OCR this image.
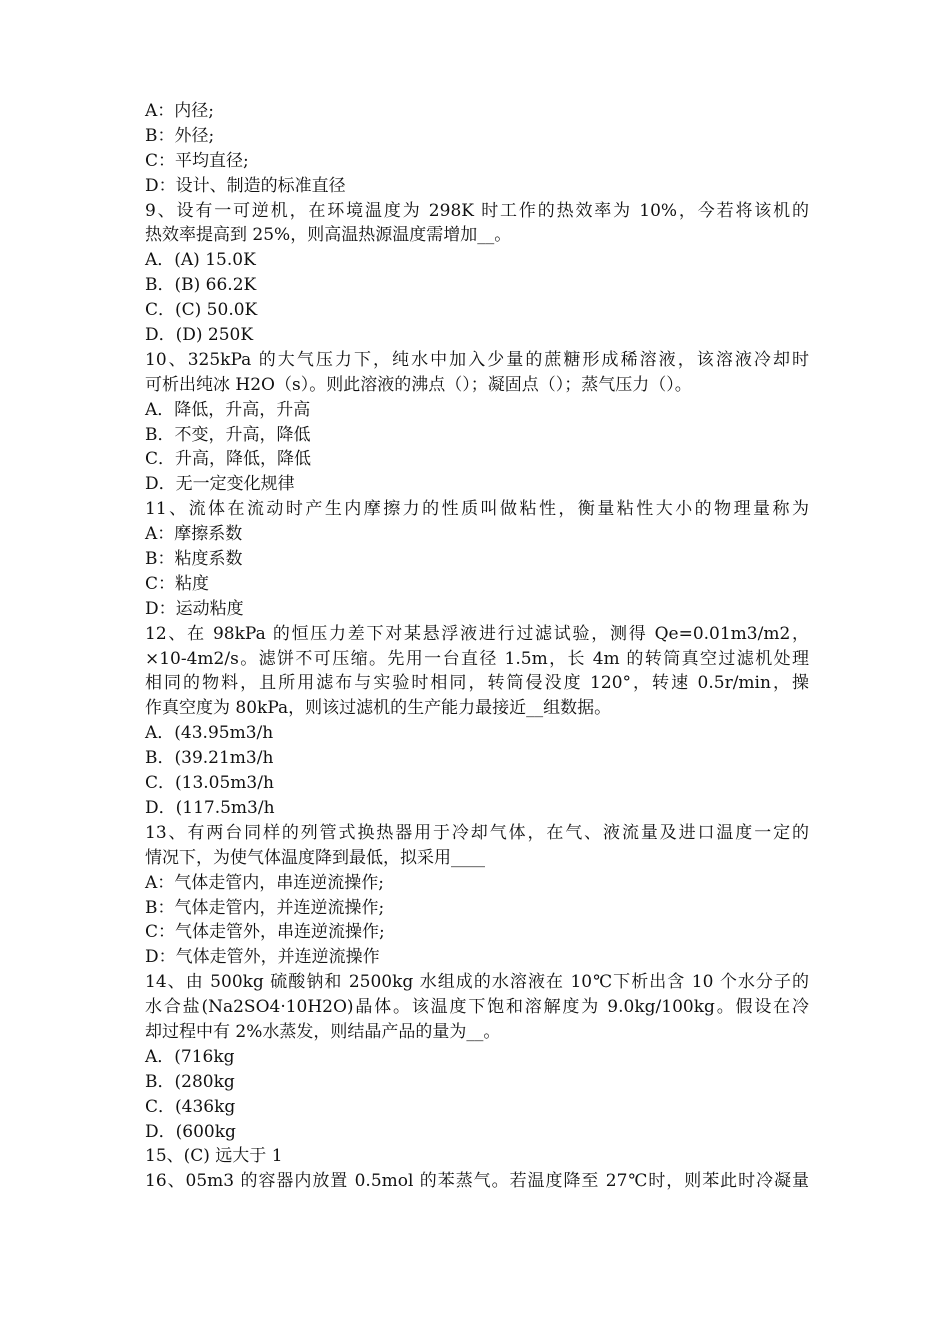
A：内径;
B：外径;
C：平均直径;
D：设计、制造的标准直径
9、设有一可逆机，在环境温度为 298K 时工作的热效率为 10%，今若将该机的
热效率提高到 25%，则高温热源温度需增加__。
A．(A) 15.0K
B．(B) 66.2K
C．(C) 50.0K
D．(D) 250K
10、325kPa 的大气压力下，纯水中加入少量的蔗糖形成稀溶液，该溶液冷却时
可析出纯冰 H2O（s）。则此溶液的沸点（）；凝固点（）；蒸气压力（）。
A．降低，升高，升高
B．不变，升高，降低
C．升高，降低，降低
D．无一定变化规律
11、流体在流动时产生内摩擦力的性质叫做粘性，衡量粘性大小的物理量称为
A：摩擦系数
B：粘度系数
C：粘度
D：运动粘度
12、在 98kPa 的恒压力差下对某悬浮液进行过滤试验，测得 Qe=0.01m3/m2，
×10-4m2/s。滤饼不可压缩。先用一台直径 1.5m，长 4m 的转筒真空过滤机处理
相同的物料，且所用滤布与实验时相同，转筒侵没度 120°，转速 0.5r/min，操
作真空度为 80kPa，则该过滤机的生产能力最接近__组数据。
A．(43.95m3/h
B．(39.21m3/h
C．(13.05m3/h
D．(117.5m3/h
13、有两台同样的列管式换热器用于冷却气体，在气、液流量及进口温度一定的
情况下，为使气体温度降到最低，拟采用____
A：气体走管内，串连逆流操作;
B：气体走管内，并连逆流操作;
C：气体走管外，串连逆流操作;
D：气体走管外，并连逆流操作
14、由 500kg 硫酸钠和 2500kg 水组成的水溶液在 10℃下析出含 10 个水分子的
水合盐(Na2SO4·10H2O)晶体。该温度下饱和溶解度为 9.0kg/100kg。假设在冷
却过程中有 2%水蒸发，则结晶产品的量为__。
A．(716kg
B．(280kg
C．(436kg
D．(600kg
15、(C) 远大于 1
16、05m3 的容器内放置 0.5mol 的苯蒸气。若温度降至 27℃时，则苯此时冷凝量
